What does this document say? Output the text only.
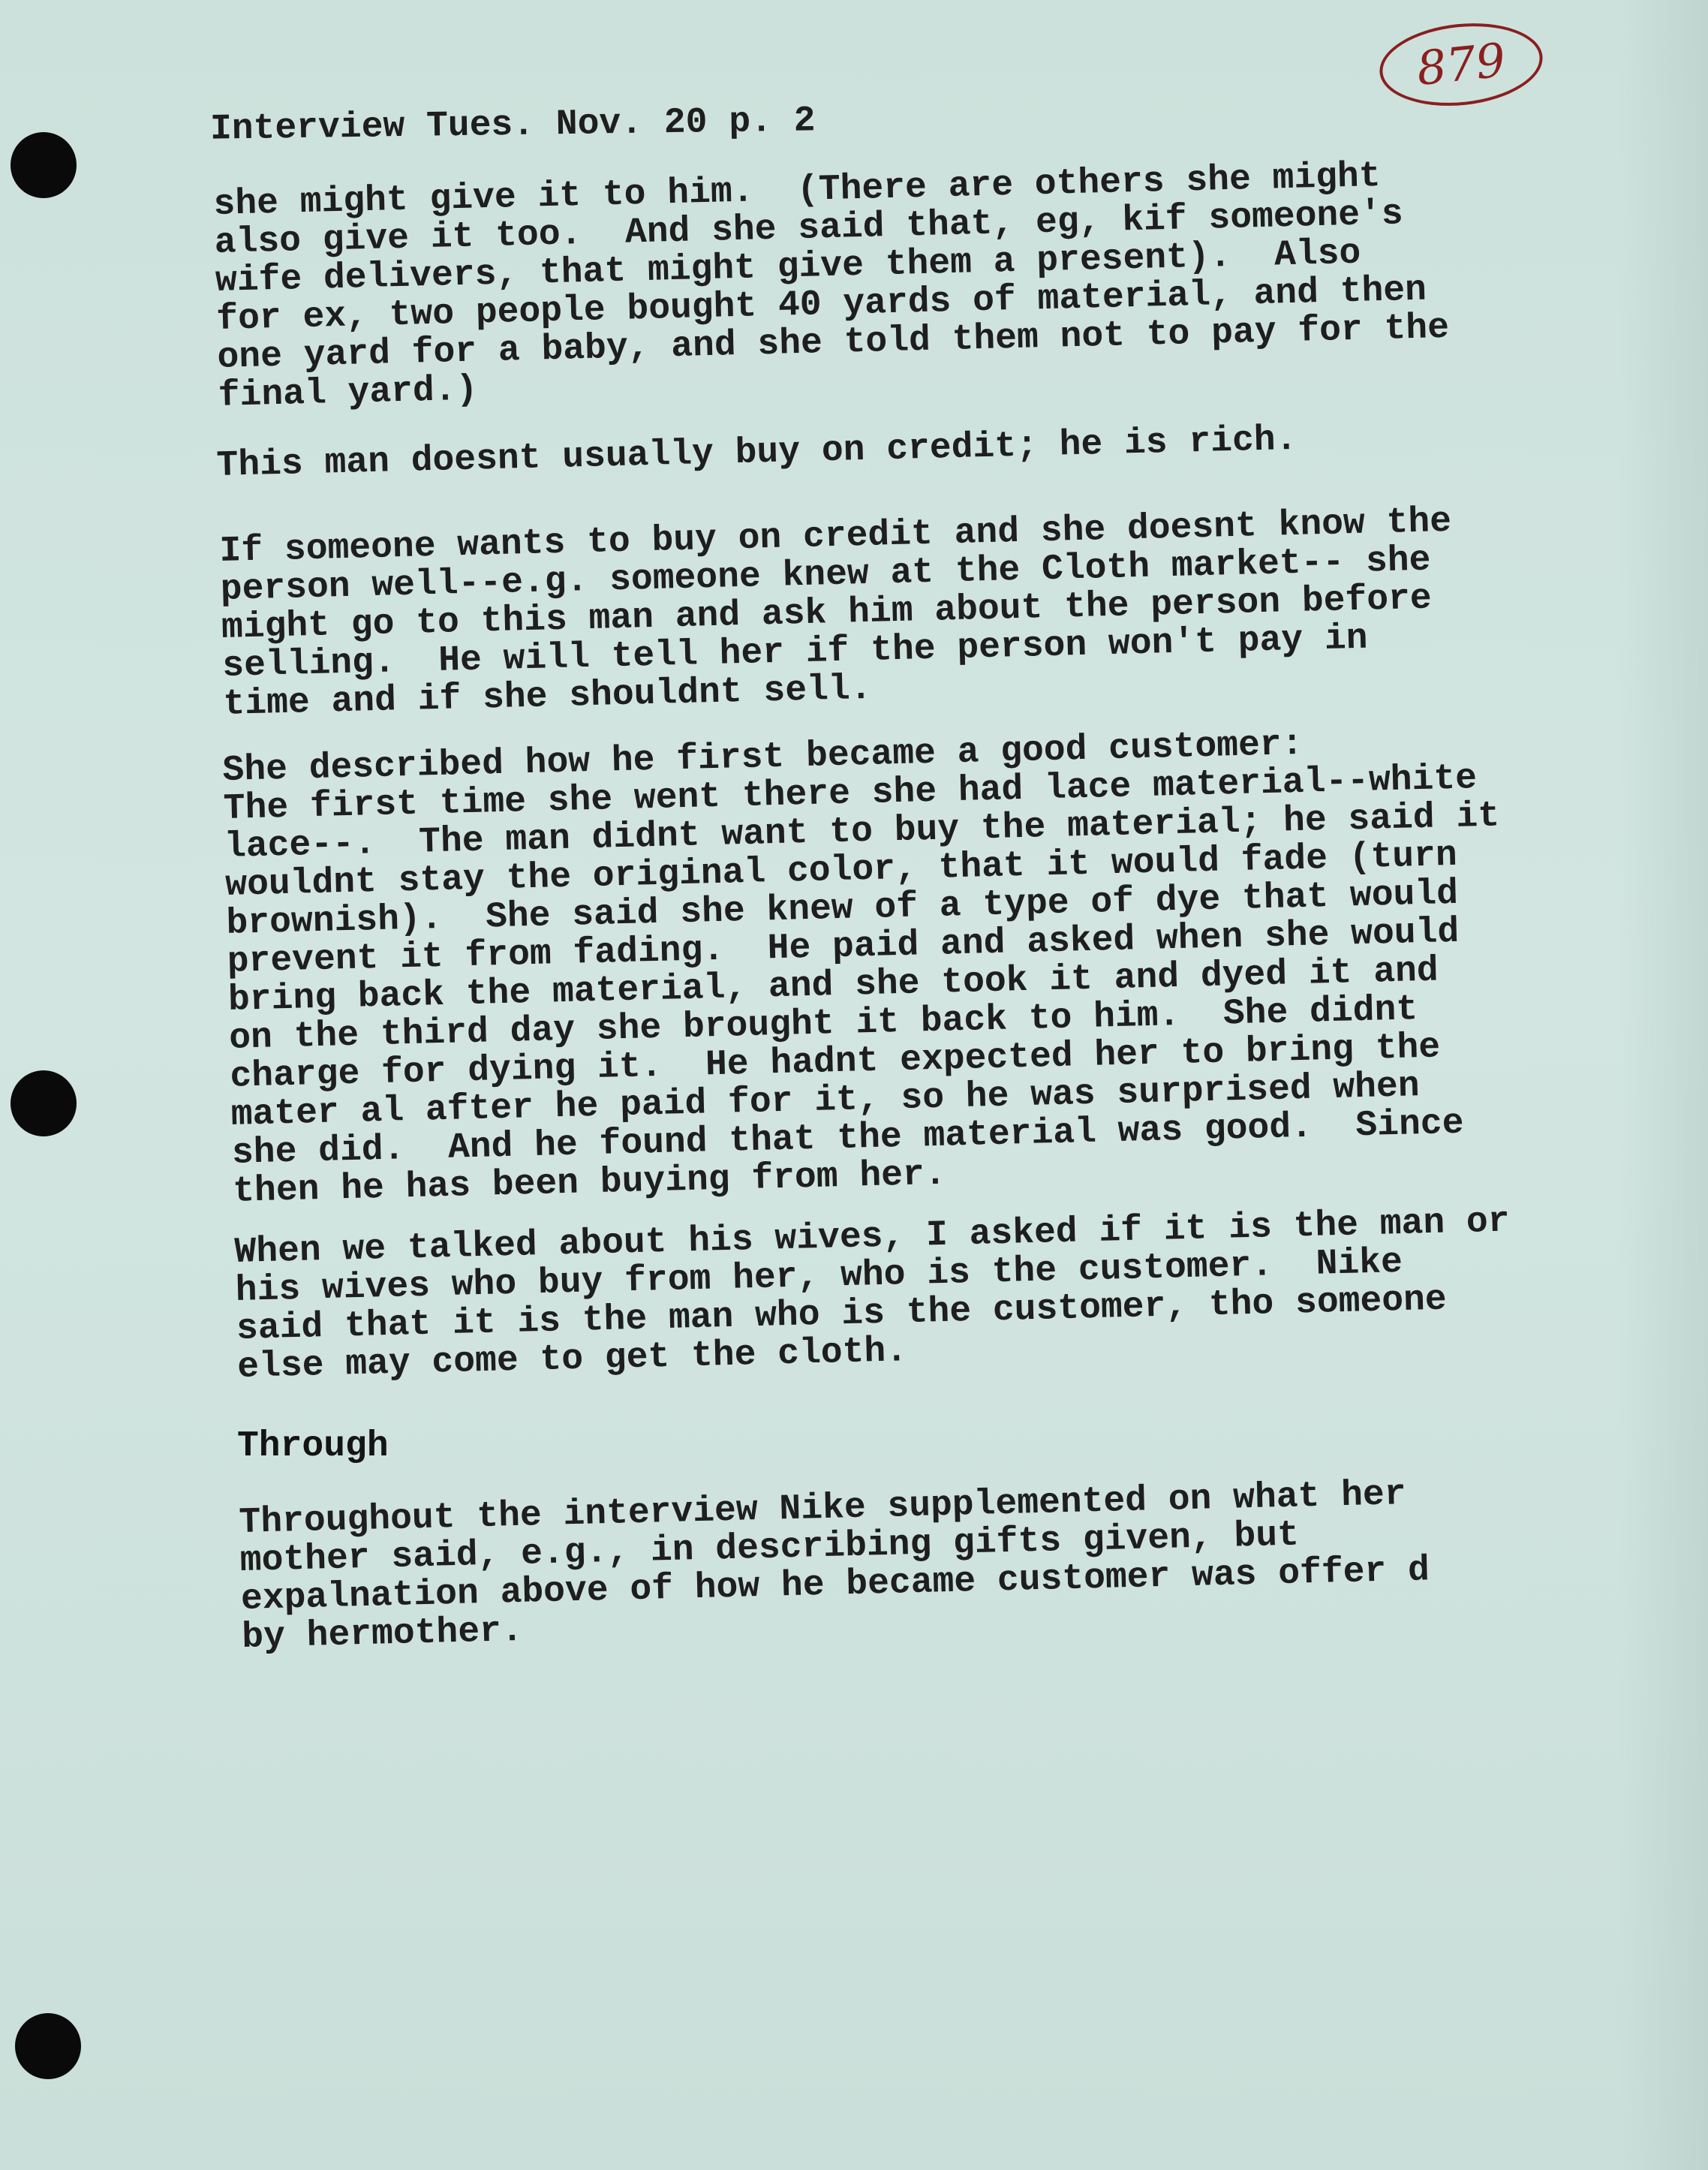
879
Interview Tues. Nov. 20 p. 2
she might give it to him.  (There are others she might
also give it too.  And she said that, eg, kif someone's
wife delivers, that might give them a present).  Also
for ex, two people bought 40 yards of material, and then
one yard for a baby, and she told them not to pay for the
final yard.)
This man doesnt usually buy on credit; he is rich.
If someone wants to buy on credit and she doesnt know the
person well--e.g. someone knew at the Cloth market-- she
might go to this man and ask him about the person before
selling.  He will tell her if the person won't pay in
time and if she shouldnt sell.
She described how he first became a good customer:
The first time she went there she had lace material--white
lace--.  The man didnt want to buy the material; he said it
wouldnt stay the original color, that it would fade (turn
brownish).  She said she knew of a type of dye that would
prevent it from fading.  He paid and asked when she would
bring back the material, and she took it and dyed it and
on the third day she brought it back to him.  She didnt
charge for dying it.  He hadnt expected her to bring the
mater al after he paid for it, so he was surprised when
she did.  And he found that the material was good.  Since
then he has been buying from her.
When we talked about his wives, I asked if it is the man or
his wives who buy from her, who is the customer.  Nike
said that it is the man who is the customer, tho someone
else may come to get the cloth.
Through
Throughout the interview Nike supplemented on what her
mother said, e.g., in describing gifts given, but
expalnation above of how he became customer was offer d
by hermother.
